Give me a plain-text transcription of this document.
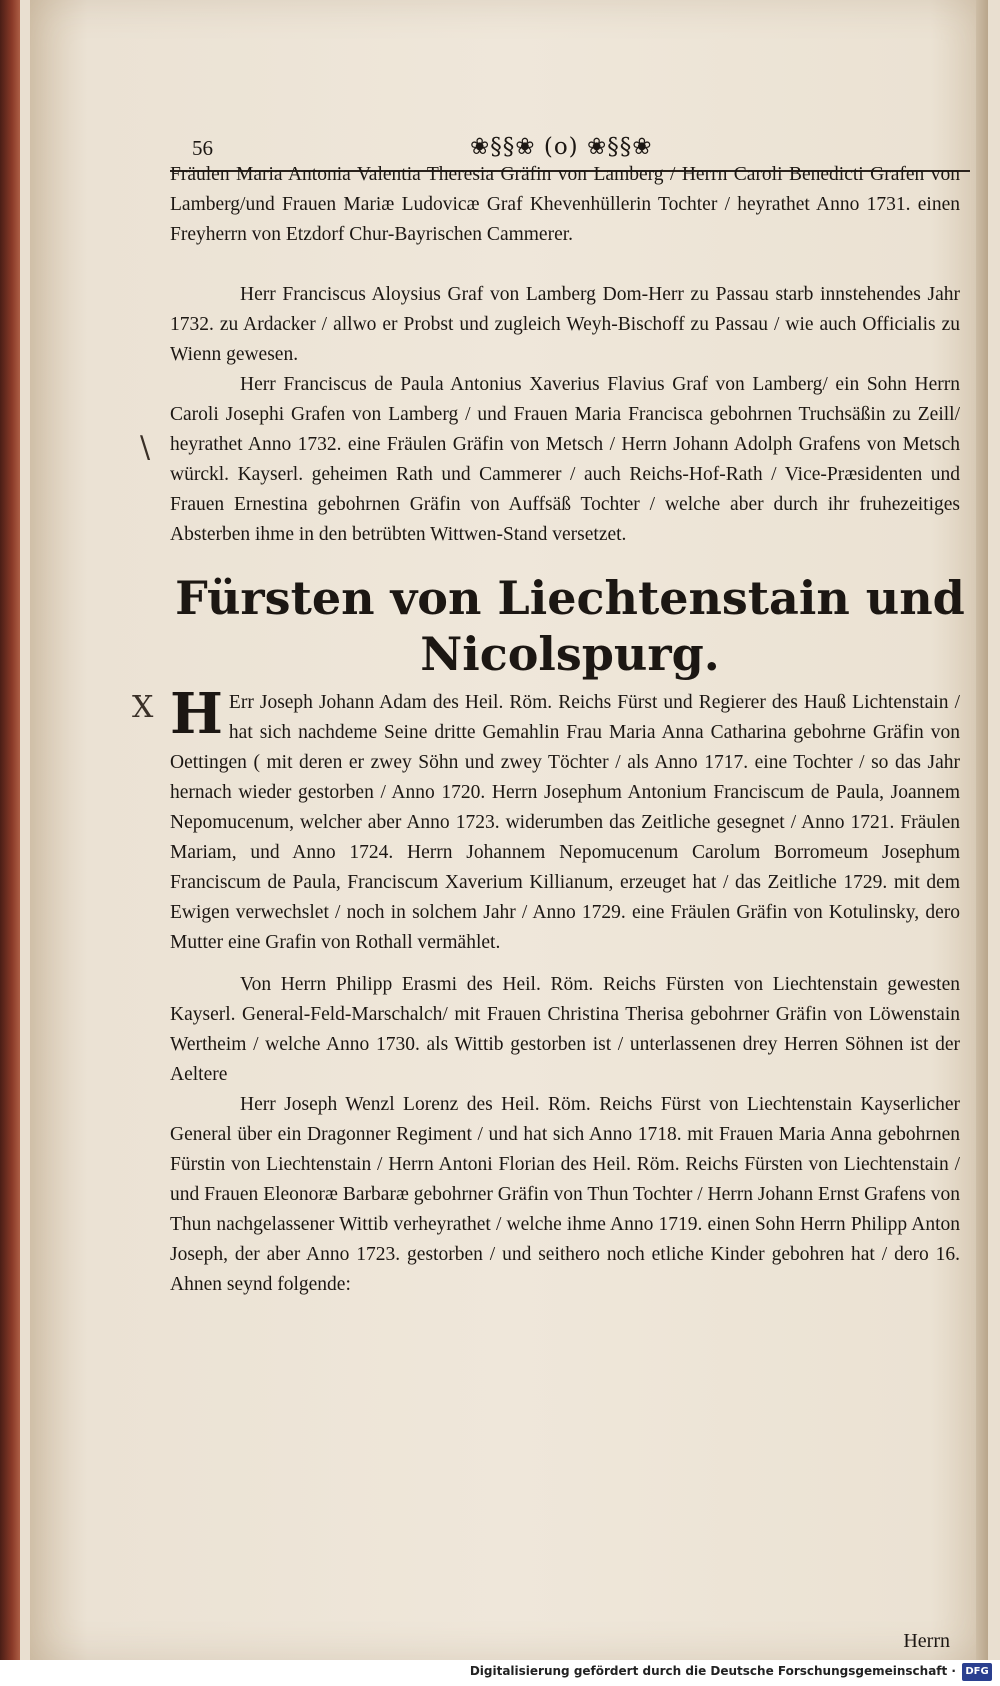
\
X
56	❀§§❀ (o) ❀§§❀

Fräulen Maria Antonia Valentia Theresia Gräfin von Lamberg / Herrn Caroli Benedicti Grafen von Lamberg/und Frauen Mariæ Ludovicæ Graf Khevenhüllerin Tochter / heyrathet Anno 1731. einen Freyherrn von Etzdorf Chur-Bayrischen Cammerer.

Herr Franciscus Aloysius Graf von Lamberg Dom-Herr zu Passau starb innstehendes Jahr 1732. zu Ardacker / allwo er Probst und zugleich Weyh-Bischoff zu Passau / wie auch Officialis zu Wienn gewesen.

Herr Franciscus de Paula Antonius Xaverius Flavius Graf von Lamberg/ ein Sohn Herrn Caroli Josephi Grafen von Lamberg / und Frauen Maria Francisca gebohrnen Truchsäßin zu Zeill/ heyrathet Anno 1732. eine Fräulen Gräfin von Metsch / Herrn Johann Adolph Grafens von Metsch würckl. Kayserl. geheimen Rath und Cammerer / auch Reichs-Hof-Rath / Vice-Præsidenten und Frauen Ernestina gebohrnen Gräfin von Auffsäß Tochter / welche aber durch ihr fruhezeitiges Absterben ihme in den betrübten Wittwen-Stand versetzet.

Fürsten von Liechtenstain und Nicolspurg.
H Err Joseph Johann Adam des Heil. Röm. Reichs Fürst und Regierer des Hauß Lichtenstain / hat sich nachdeme Seine dritte Gemahlin Frau Maria Anna Catharina gebohrne Gräfin von Oettingen ( mit deren er zwey Söhn und zwey Töchter / als Anno 1717. eine Tochter / so das Jahr hernach wieder gestorben / Anno 1720. Herrn Josephum Antonium Franciscum de Paula, Joannem Nepomucenum, welcher aber Anno 1723. widerumben das Zeitliche gesegnet / Anno 1721. Fräulen Mariam, und Anno 1724. Herrn Johannem Nepomucenum Carolum Borromeum Josephum Franciscum de Paula, Franciscum Xaverium Killianum, erzeuget hat / das Zeitliche 1729. mit dem Ewigen verwechslet / noch in solchem Jahr / Anno 1729. eine Fräulen Gräfin von Kotulinsky, dero Mutter eine Grafin von Rothall vermählet.

Von Herrn Philipp Erasmi des Heil. Röm. Reichs Fürsten von Liechtenstain gewesten Kayserl. General-Feld-Marschalch/ mit Frauen Christina Therisa gebohrner Gräfin von Löwenstain Wertheim / welche Anno 1730. als Wittib gestorben ist / unterlassenen drey Herren Söhnen ist der Aeltere

Herr Joseph Wenzl Lorenz des Heil. Röm. Reichs Fürst von Liechtenstain Kayserlicher General über ein Dragonner Regiment / und hat sich Anno 1718. mit Frauen Maria Anna gebohrnen Fürstin von Liechtenstain / Herrn Antoni Florian des Heil. Röm. Reichs Fürsten von Liechtenstain / und Frauen Eleonoræ Barbaræ gebohrner Gräfin von Thun Tochter / Herrn Johann Ernst Grafens von Thun nachgelassener Wittib verheyrathet / welche ihme Anno 1719. einen Sohn Herrn Philipp Anton Joseph, der aber Anno 1723. gestorben / und seithero noch etliche Kinder gebohren hat / dero 16. Ahnen seynd folgende:

Herrn
Digitalisierung gefördert durch die Deutsche Forschungsgemeinschaft · DFG
